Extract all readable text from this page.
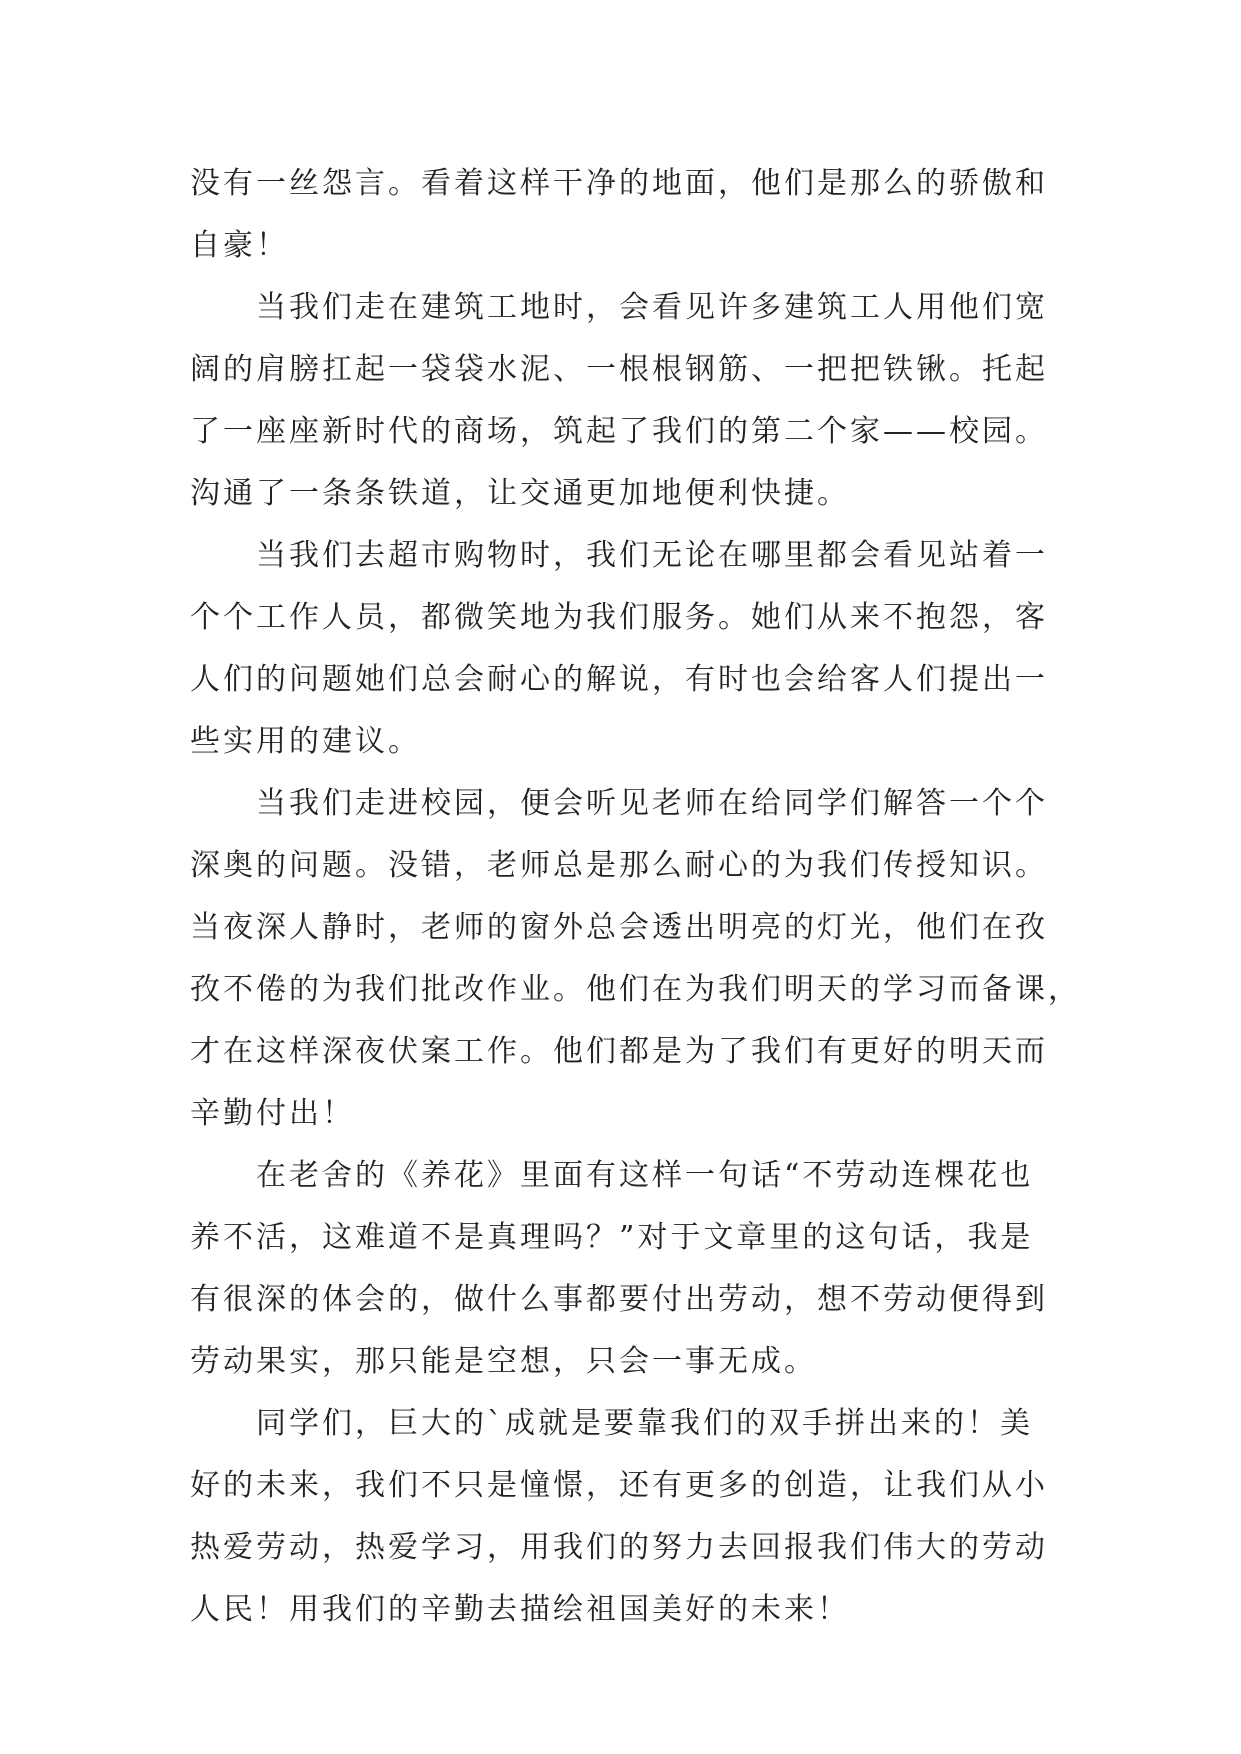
没有一丝怨言。看着这样干净的地面，他们是那么的骄傲和
自豪！
当我们走在建筑工地时，会看见许多建筑工人用他们宽
阔的肩膀扛起一袋袋水泥、一根根钢筋、一把把铁锹。托起
了一座座新时代的商场，筑起了我们的第二个家——校园。
沟通了一条条铁道，让交通更加地便利快捷。
当我们去超市购物时，我们无论在哪里都会看见站着一
个个工作人员，都微笑地为我们服务。她们从来不抱怨，客
人们的问题她们总会耐心的解说，有时也会给客人们提出一
些实用的建议。
当我们走进校园，便会听见老师在给同学们解答一个个
深奥的问题。没错，老师总是那么耐心的为我们传授知识。
当夜深人静时，老师的窗外总会透出明亮的灯光，他们在孜
孜不倦的为我们批改作业。他们在为我们明天的学习而备课，
才在这样深夜伏案工作。他们都是为了我们有更好的明天而
辛勤付出！
在老舍的《养花》里面有这样一句话“不劳动连棵花也
养不活，这难道不是真理吗？”对于文章里的这句话，我是
有很深的体会的，做什么事都要付出劳动，想不劳动便得到
劳动果实，那只能是空想，只会一事无成。
同学们，巨大的`成就是要靠我们的双手拼出来的！美
好的未来，我们不只是憧憬，还有更多的创造，让我们从小
热爱劳动，热爱学习，用我们的努力去回报我们伟大的劳动
人民！用我们的辛勤去描绘祖国美好的未来！
